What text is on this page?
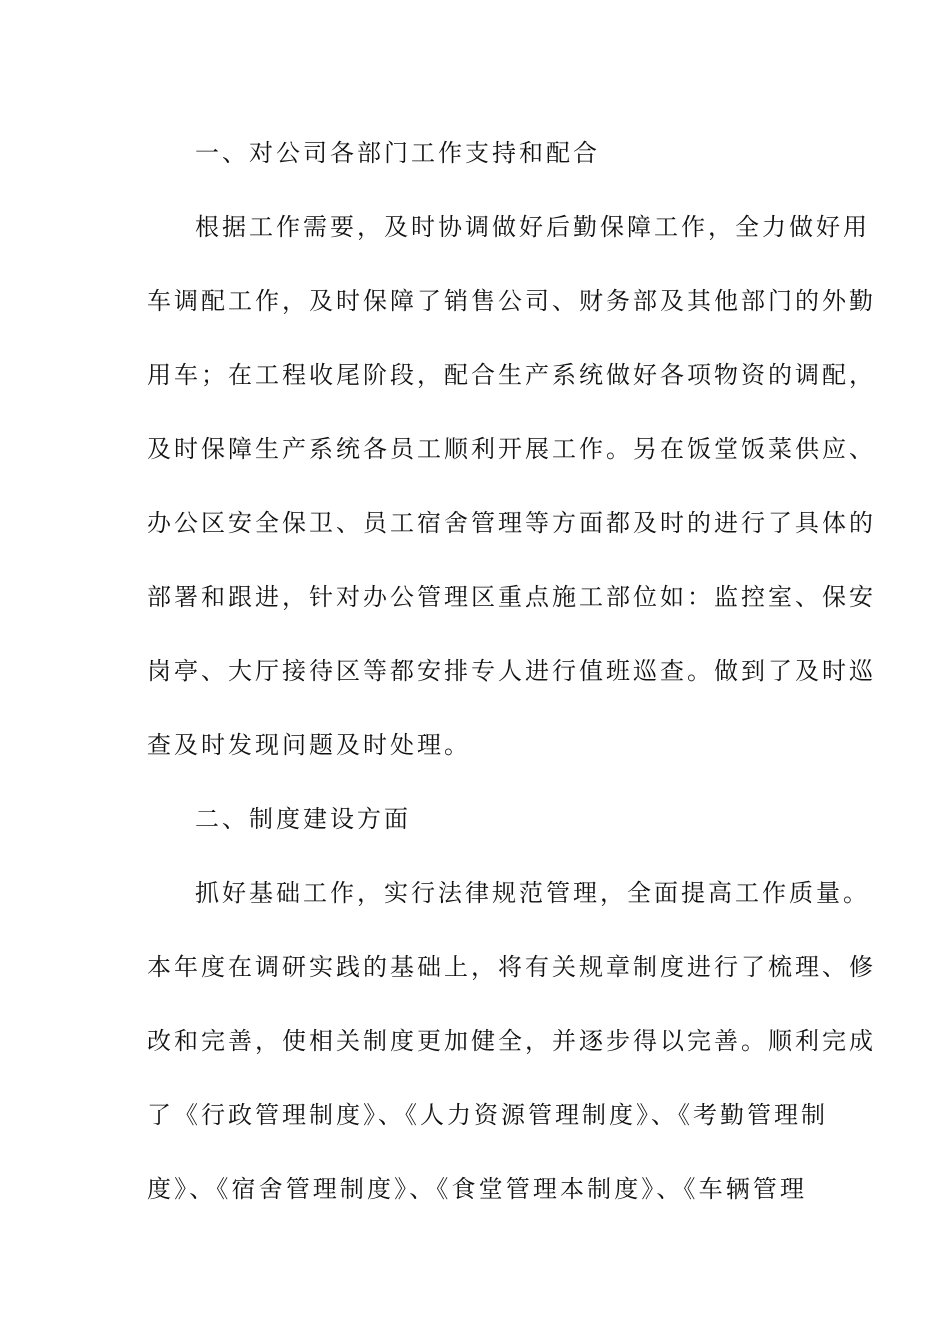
一、对公司各部门工作支持和配合
根据工作需要，及时协调做好后勤保障工作，全力做好用
车调配工作，及时保障了销售公司、财务部及其他部门的外勤
用车；在工程收尾阶段，配合生产系统做好各项物资的调配，
及时保障生产系统各员工顺利开展工作。另在饭堂饭菜供应、
办公区安全保卫、员工宿舍管理等方面都及时的进行了具体的
部署和跟进，针对办公管理区重点施工部位如：监控室、保安
岗亭、大厅接待区等都安排专人进行值班巡查。做到了及时巡
查及时发现问题及时处理。
二、制度建设方面
抓好基础工作，实行法律规范管理，全面提高工作质量。
本年度在调研实践的基础上，将有关规章制度进行了梳理、修
改和完善，使相关制度更加健全，并逐步得以完善。顺利完成
了《行政管理制度》、《人力资源管理制度》、《考勤管理制
度》、《宿舍管理制度》、《食堂管理本制度》、《车辆管理
